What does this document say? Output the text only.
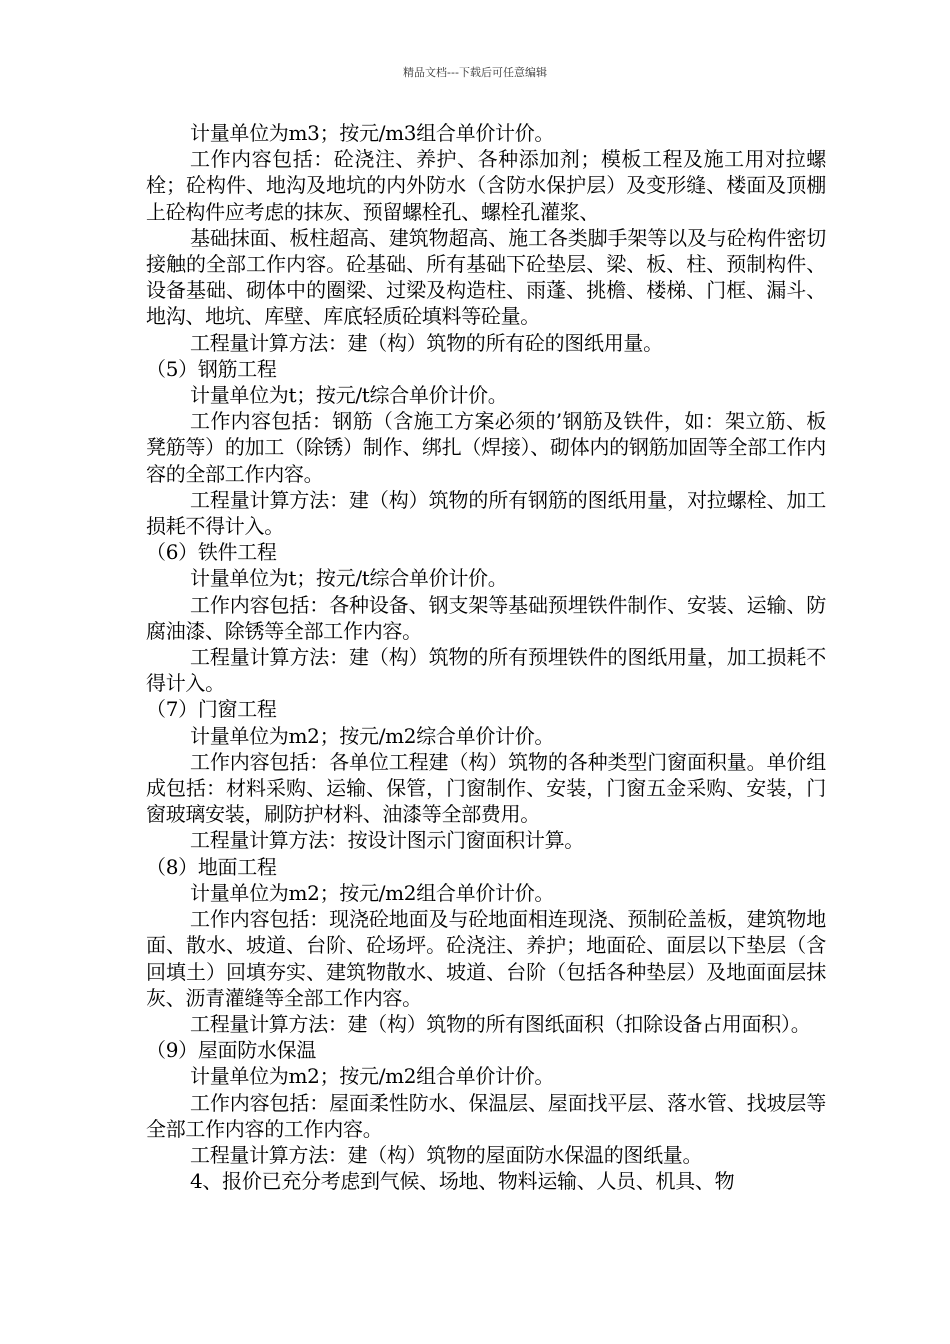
精品文档---下载后可任意编辑

计量单位为m3；按元/m3组合单价计价。

工作内容包括：砼浇注、养护、各种添加剂；模板工程及施工用对拉螺栓；砼构件、地沟及地坑的内外防水（含防水保护层）及变形缝、楼面及顶棚上砼构件应考虑的抹灰、预留螺栓孔、螺栓孔灌浆、

基础抹面、板柱超高、建筑物超高、施工各类脚手架等以及与砼构件密切接触的全部工作内容。砼基础、所有基础下砼垫层、梁、板、柱、预制构件、设备基础、砌体中的圈梁、过梁及构造柱、雨蓬、挑檐、楼梯、门框、漏斗、地沟、地坑、库壁、库底轻质砼填料等砼量。

工程量计算方法：建（构）筑物的所有砼的图纸用量。

（5）钢筋工程

计量单位为t；按元/t综合单价计价。

工作内容包括：钢筋（含施工方案必须的’钢筋及铁件，如：架立筋、板凳筋等）的加工（除锈）制作、绑扎（焊接）、砌体内的钢筋加固等全部工作内容的全部工作内容。

工程量计算方法：建（构）筑物的所有钢筋的图纸用量，对拉螺栓、加工损耗不得计入。

（6）铁件工程

计量单位为t；按元/t综合单价计价。

工作内容包括：各种设备、钢支架等基础预埋铁件制作、安装、运输、防腐油漆、除锈等全部工作内容。

工程量计算方法：建（构）筑物的所有预埋铁件的图纸用量，加工损耗不得计入。

（7）门窗工程

计量单位为m2；按元/m2综合单价计价。

工作内容包括：各单位工程建（构）筑物的各种类型门窗面积量。单价组成包括：材料采购、运输、保管，门窗制作、安装，门窗五金采购、安装，门窗玻璃安装，刷防护材料、油漆等全部费用。

工程量计算方法：按设计图示门窗面积计算。

（8）地面工程

计量单位为m2；按元/m2组合单价计价。

工作内容包括：现浇砼地面及与砼地面相连现浇、预制砼盖板，建筑物地面、散水、坡道、台阶、砼场坪。砼浇注、养护；地面砼、面层以下垫层（含回填土）回填夯实、建筑物散水、坡道、台阶（包括各种垫层）及地面面层抹灰、沥青灌缝等全部工作内容。

工程量计算方法：建（构）筑物的所有图纸面积（扣除设备占用面积）。

（9）屋面防水保温

计量单位为m2；按元/m2组合单价计价。

工作内容包括：屋面柔性防水、保温层、屋面找平层、落水管、找坡层等全部工作内容的工作内容。

工程量计算方法：建（构）筑物的屋面防水保温的图纸量。

4、报价已充分考虑到气候、场地、物料运输、人员、机具、物
